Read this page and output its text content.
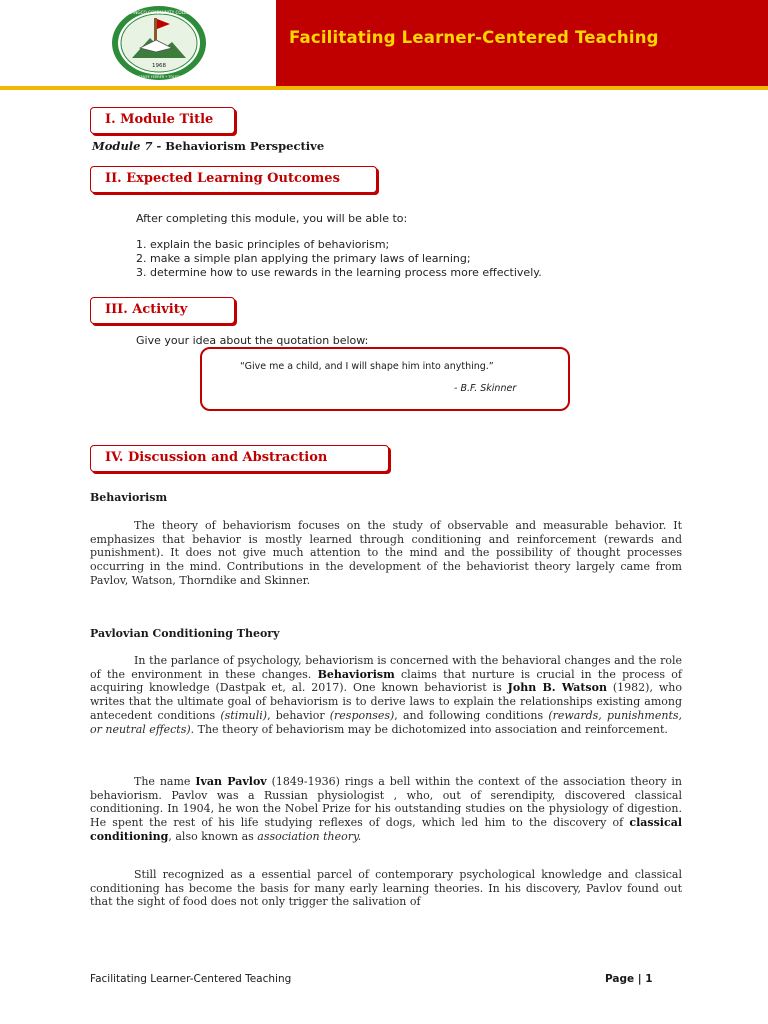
1968
TOLANGCO COMMUNITY COLLEGE
SAN VICENTE FERRER • TOLEDO CITY
Facilitating Learner-Centered Teaching
I. Module Title
Module 7 - Behaviorism Perspective
II. Expected Learning Outcomes
After completing this module, you will be able to:
1. explain the basic principles of behaviorism;
2. make a simple plan applying the primary laws of learning;
3. determine how to use rewards in the learning process more effectively.
III. Activity
Give your idea about the quotation below:
“Give me a child, and I will shape him into anything.”
- B.F. Skinner
IV. Discussion and Abstraction
Behaviorism

The theory of behaviorism focuses on the study of observable and measurable behavior. It emphasizes that behavior is mostly learned through conditioning and reinforcement (rewards and punishment). It does not give much attention to the mind and the possibility of thought processes occurring in the mind. Contributions in the development of the behaviorist theory largely came from Pavlov, Watson, Thorndike and Skinner.

Pavlovian Conditioning Theory

In the parlance of psychology, behaviorism is concerned with the behavioral changes and the role of the environment in these changes. Behaviorism claims that nurture is crucial in the process of acquiring knowledge (Dastpak et, al. 2017). One known behaviorist is John B. Watson (1982), who writes that the ultimate goal of behaviorism is to derive laws to explain the relationships existing among antecedent conditions (stimuli), behavior (responses), and following conditions (rewards, punishments, or neutral effects). The theory of behaviorism may be dichotomized into association and reinforcement.

The name Ivan Pavlov (1849-1936) rings a bell within the context of the association theory in behaviorism. Pavlov was a Russian physiologist , who, out of serendipity, discovered classical conditioning. In 1904, he won the Nobel Prize for his outstanding studies on the physiology of digestion. He spent the rest of his life studying reflexes of dogs, which led him to the discovery of classical conditioning, also known as association theory.

Still recognized as a essential parcel of contemporary psychological knowledge and classical conditioning has become the basis for many early learning theories. In his discovery, Pavlov found out that the sight of food does not only trigger the salivation of

Facilitating Learner-Centered Teaching	Page | 1
